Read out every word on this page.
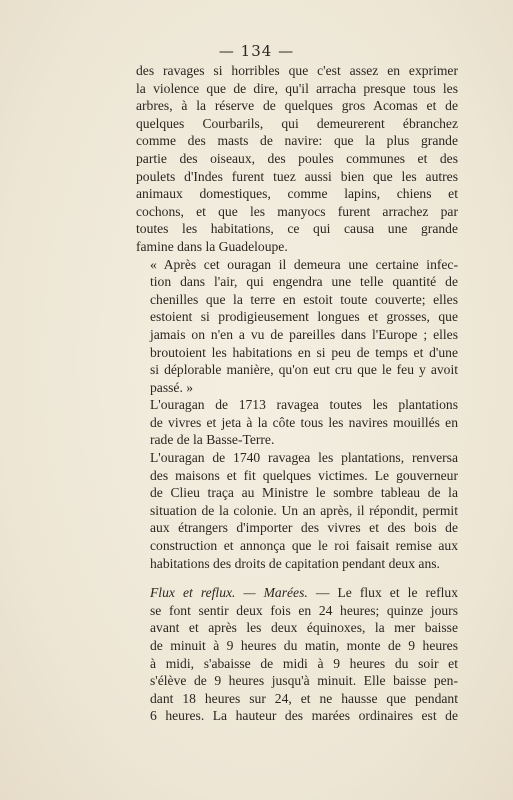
— 134 —

des ravages si horribles que c'est assez en exprimer
la violence que de dire, qu'il arracha presque tous les
arbres, à la réserve de quelques gros Acomas et de
quelques Courbarils, qui demeurerent ébranchez
comme des masts de navire: que la plus grande
partie des oiseaux, des poules communes et des
poulets d'Indes furent tuez aussi bien que les autres
animaux domestiques, comme lapins, chiens et
cochons, et que les manyocs furent arrachez par
toutes les habitations, ce qui causa une grande
famine dans la Guadeloupe.

« Après cet ouragan il demeura une certaine infec-
tion dans l'air, qui engendra une telle quantité de
chenilles que la terre en estoit toute couverte; elles
estoient si prodigieusement longues et grosses, que
jamais on n'en a vu de pareilles dans l'Europe ; elles
broutoient les habitations en si peu de temps et d'une
si déplorable manière, qu'on eut cru que le feu y avoit
passé. »

L'ouragan de 1713 ravagea toutes les plantations
de vivres et jeta à la côte tous les navires mouillés en
rade de la Basse-Terre.

L'ouragan de 1740 ravagea les plantations, renversa
des maisons et fit quelques victimes. Le gouverneur
de Clieu traça au Ministre le sombre tableau de la
situation de la colonie. Un an après, il répondit, permit
aux étrangers d'importer des vivres et des bois de
construction et annonça que le roi faisait remise aux
habitations des droits de capitation pendant deux ans.

Flux et reflux. — Marées. — Le flux et le reflux
se font sentir deux fois en 24 heures; quinze jours
avant et après les deux équinoxes, la mer baisse
de minuit à 9 heures du matin, monte de 9 heures
à midi, s'abaisse de midi à 9 heures du soir et
s'élève de 9 heures jusqu'à minuit. Elle baisse pen-
dant 18 heures sur 24, et ne hausse que pendant
6 heures. La hauteur des marées ordinaires est de
